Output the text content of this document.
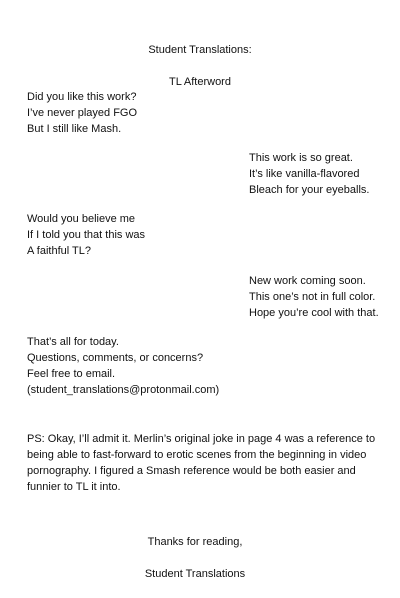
Student Translations:

TL Afterword

Did you like this work?
I’ve never played FGO
But I still like Mash.
This work is so great.
It’s like vanilla-flavored
Bleach for your eyeballs.
Would you believe me
If I told you that this was
A faithful TL?
New work coming soon.
This one’s not in full color.
Hope you’re cool with that.
That’s all for today.
Questions, comments, or concerns?
Feel free to email.
(student_translations@protonmail.com)
PS: Okay, I’ll admit it. Merlin’s original joke in page 4 was a reference to being able to fast-forward to erotic scenes from the beginning in video pornography. I figured a Smash reference would be both easier and funnier to TL it into.

Thanks for reading,

Student Translations
